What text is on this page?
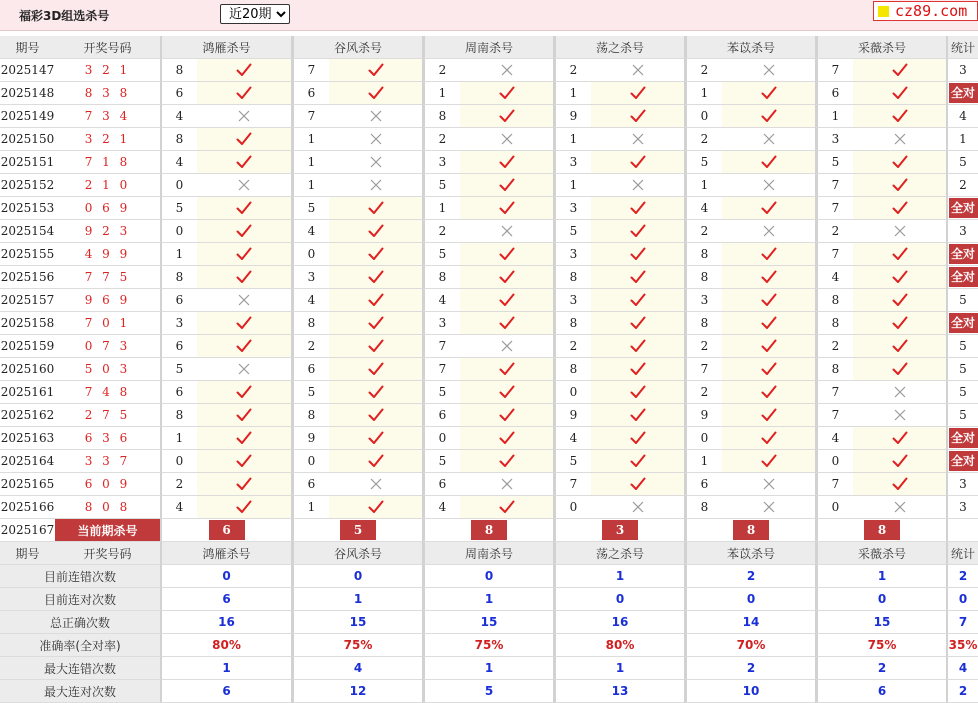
福彩3D组选杀号
近20期	cz89.com
期号	开奖号码	鸿雁杀号		谷风杀号		周南杀号		荡之杀号		苯苡杀号		采薇杀号		统计
2025147	3 2 1	8		7		2		2		2		7		3
2025148	8 3 8	6		6		1		1		1		6		全对
2025149	7 3 4	4		7		8		9		0		1		4
2025150	3 2 1	8		1		2		1		2		3		1
2025151	7 1 8	4		1		3		3		5		5		5
2025152	2 1 0	0		1		5		1		1		7		2
2025153	0 6 9	5		5		1		3		4		7		全对
2025154	9 2 3	0		4		2		5		2		2		3
2025155	4 9 9	1		0		5		3		8		7		全对
2025156	7 7 5	8		3		8		8		8		4		全对
2025157	9 6 9	6		4		4		3		3		8		5
2025158	7 0 1	3		8		3		8		8		8		全对
2025159	0 7 3	6		2		7		2		2		2		5
2025160	5 0 3	5		6		7		8		7		8		5
2025161	7 4 8	6		5		5		0		2		7		5
2025162	2 7 5	8		8		6		9		9		7		5
2025163	6 3 6	1		9		0		4		0		4		全对
2025164	3 3 7	0		0		5		5		1		0		全对
2025165	6 0 9	2		6		6		7		6		7		3
2025166	8 0 8	4		1		4		0		8		0		3
2025167	当前期杀号	6		5		8		3		8		8		
期号	开奖号码	鸿雁杀号		谷风杀号		周南杀号		荡之杀号		苯苡杀号		采薇杀号		统计
目前连错次数		0		0		0		1		2		1		2
目前连对次数		6		1		1		0		0		0		0
总正确次数		16		15		15		16		14		15		7
准确率(全对率)		80%		75%		75%		80%		70%		75%		35%
最大连错次数		1		4		1		1		2		2		4
最大连对次数		6		12		5		13		10		6		2
